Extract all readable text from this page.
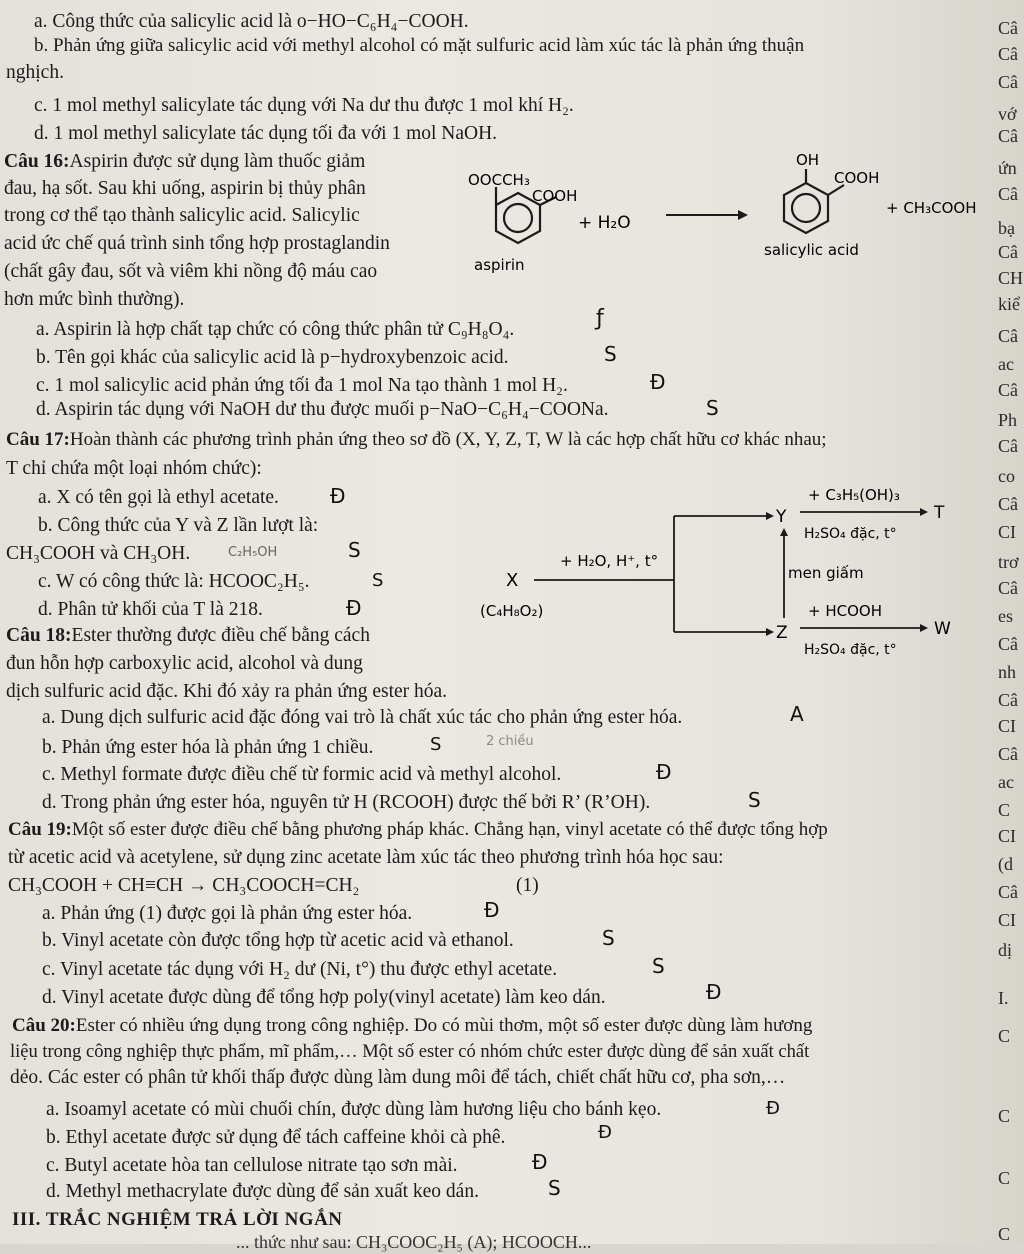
a. Công thức của salicylic acid là o−HO−C₆H₄−COOH.
b. Phản ứng giữa salicylic acid với methyl alcohol có mặt sulfuric acid làm xúc tác là phản ứng thuận
nghịch.
c. 1 mol methyl salicylate tác dụng với Na dư thu được 1 mol khí H₂.
d. 1 mol methyl salicylate tác dụng tối đa với 1 mol NaOH.
Câu 16:Aspirin được sử dụng làm thuốc giảm
đau, hạ sốt. Sau khi uống, aspirin bị thủy phân
trong cơ thể tạo thành salicylic acid. Salicylic
acid ức chế quá trình sinh tổng hợp prostaglandin
(chất gây đau, sốt và viêm khi nồng độ máu cao
hơn mức bình thường).
OOCCH₃
COOH
aspirin
+ H₂O
OH
COOH
salicylic acid
+ CH₃COOH
a. Aspirin là hợp chất tạp chức có công thức phân tử C₉H₈O₄.
b. Tên gọi khác của salicylic acid là p−hydroxybenzoic acid.
c. 1 mol salicylic acid phản ứng tối đa 1 mol Na tạo thành 1 mol H₂.
d. Aspirin tác dụng với NaOH dư thu được muối p−NaO−C₆H₄−COONa.
Câu 17:Hoàn thành các phương trình phản ứng theo sơ đồ (X, Y, Z, T, W là các hợp chất hữu cơ khác nhau;
T chỉ chứa một loại nhóm chức):
a. X có tên gọi là ethyl acetate.
b. Công thức của Y và Z lần lượt là:
CH₃COOH và CH₃OH.
c. W có công thức là: HCOOC₂H₅.
d. Phân tử khối của T là 218.
X
(C₄H₈O₂)
+ H₂O, H⁺, t°
Y
+ C₃H₅(OH)₃
H₂SO₄ đặc, t°
T
men giấm
Z
+ HCOOH
H₂SO₄ đặc, t°
W
Câu 18:Ester thường được điều chế bằng cách
đun hỗn hợp carboxylic acid, alcohol và dung
dịch sulfuric acid đặc. Khi đó xảy ra phản ứng ester hóa.
a. Dung dịch sulfuric acid đặc đóng vai trò là chất xúc tác cho phản ứng ester hóa.
b. Phản ứng ester hóa là phản ứng 1 chiều.
c. Methyl formate được điều chế từ formic acid và methyl alcohol.
d. Trong phản ứng ester hóa, nguyên tử H (RCOOH) được thế bởi R’ (R’OH).
Câu 19:Một số ester được điều chế bằng phương pháp khác. Chẳng hạn, vinyl acetate có thể được tổng hợp
từ acetic acid và acetylene, sử dụng zinc acetate làm xúc tác theo phương trình hóa học sau:
CH₃COOH + CH≡CH → CH₃COOCH=CH₂	(1)
a. Phản ứng (1) được gọi là phản ứng ester hóa.
b. Vinyl acetate còn được tổng hợp từ acetic acid và ethanol.
c. Vinyl acetate tác dụng với H₂ dư (Ni, t°) thu được ethyl acetate.
d. Vinyl acetate được dùng để tổng hợp poly(vinyl acetate) làm keo dán.
Câu 20:Ester có nhiều ứng dụng trong công nghiệp. Do có mùi thơm, một số ester được dùng làm hương
liệu trong công nghiệp thực phẩm, mĩ phẩm,… Một số ester có nhóm chức ester được dùng để sản xuất chất
dẻo. Các ester có phân tử khối thấp được dùng làm dung môi để tách, chiết chất hữu cơ, pha sơn,…
a. Isoamyl acetate có mùi chuối chín, được dùng làm hương liệu cho bánh kẹo.
b. Ethyl acetate được sử dụng để tách caffeine khỏi cà phê.
c. Butyl acetate hòa tan cellulose nitrate tạo sơn mài.
d. Methyl methacrylate được dùng để sản xuất keo dán.
III. TRẮC NGHIỆM TRẢ LỜI NGẮN
... thức như sau: CH₃COOC₂H₅ (A); HCOOCH...
ƒ
S
Đ
S
Đ
C₂H₅OH	S
S
Đ
A
S	2 chiều
Đ
S
Đ
S
S
Đ
Đ
Đ
Đ
S
Câ
Câ
Câ
vớ
Câ
ứn
Câ
bạ
Câ
CH
kiể
Câ
ac
Câ
Ph
Câ
co
Câ
CI
trơ
Câ
es
Câ
nh
Câ
CI
Câ
ac
C
CI
(d
Câ
CI
dị
I.
C
C
C
C
